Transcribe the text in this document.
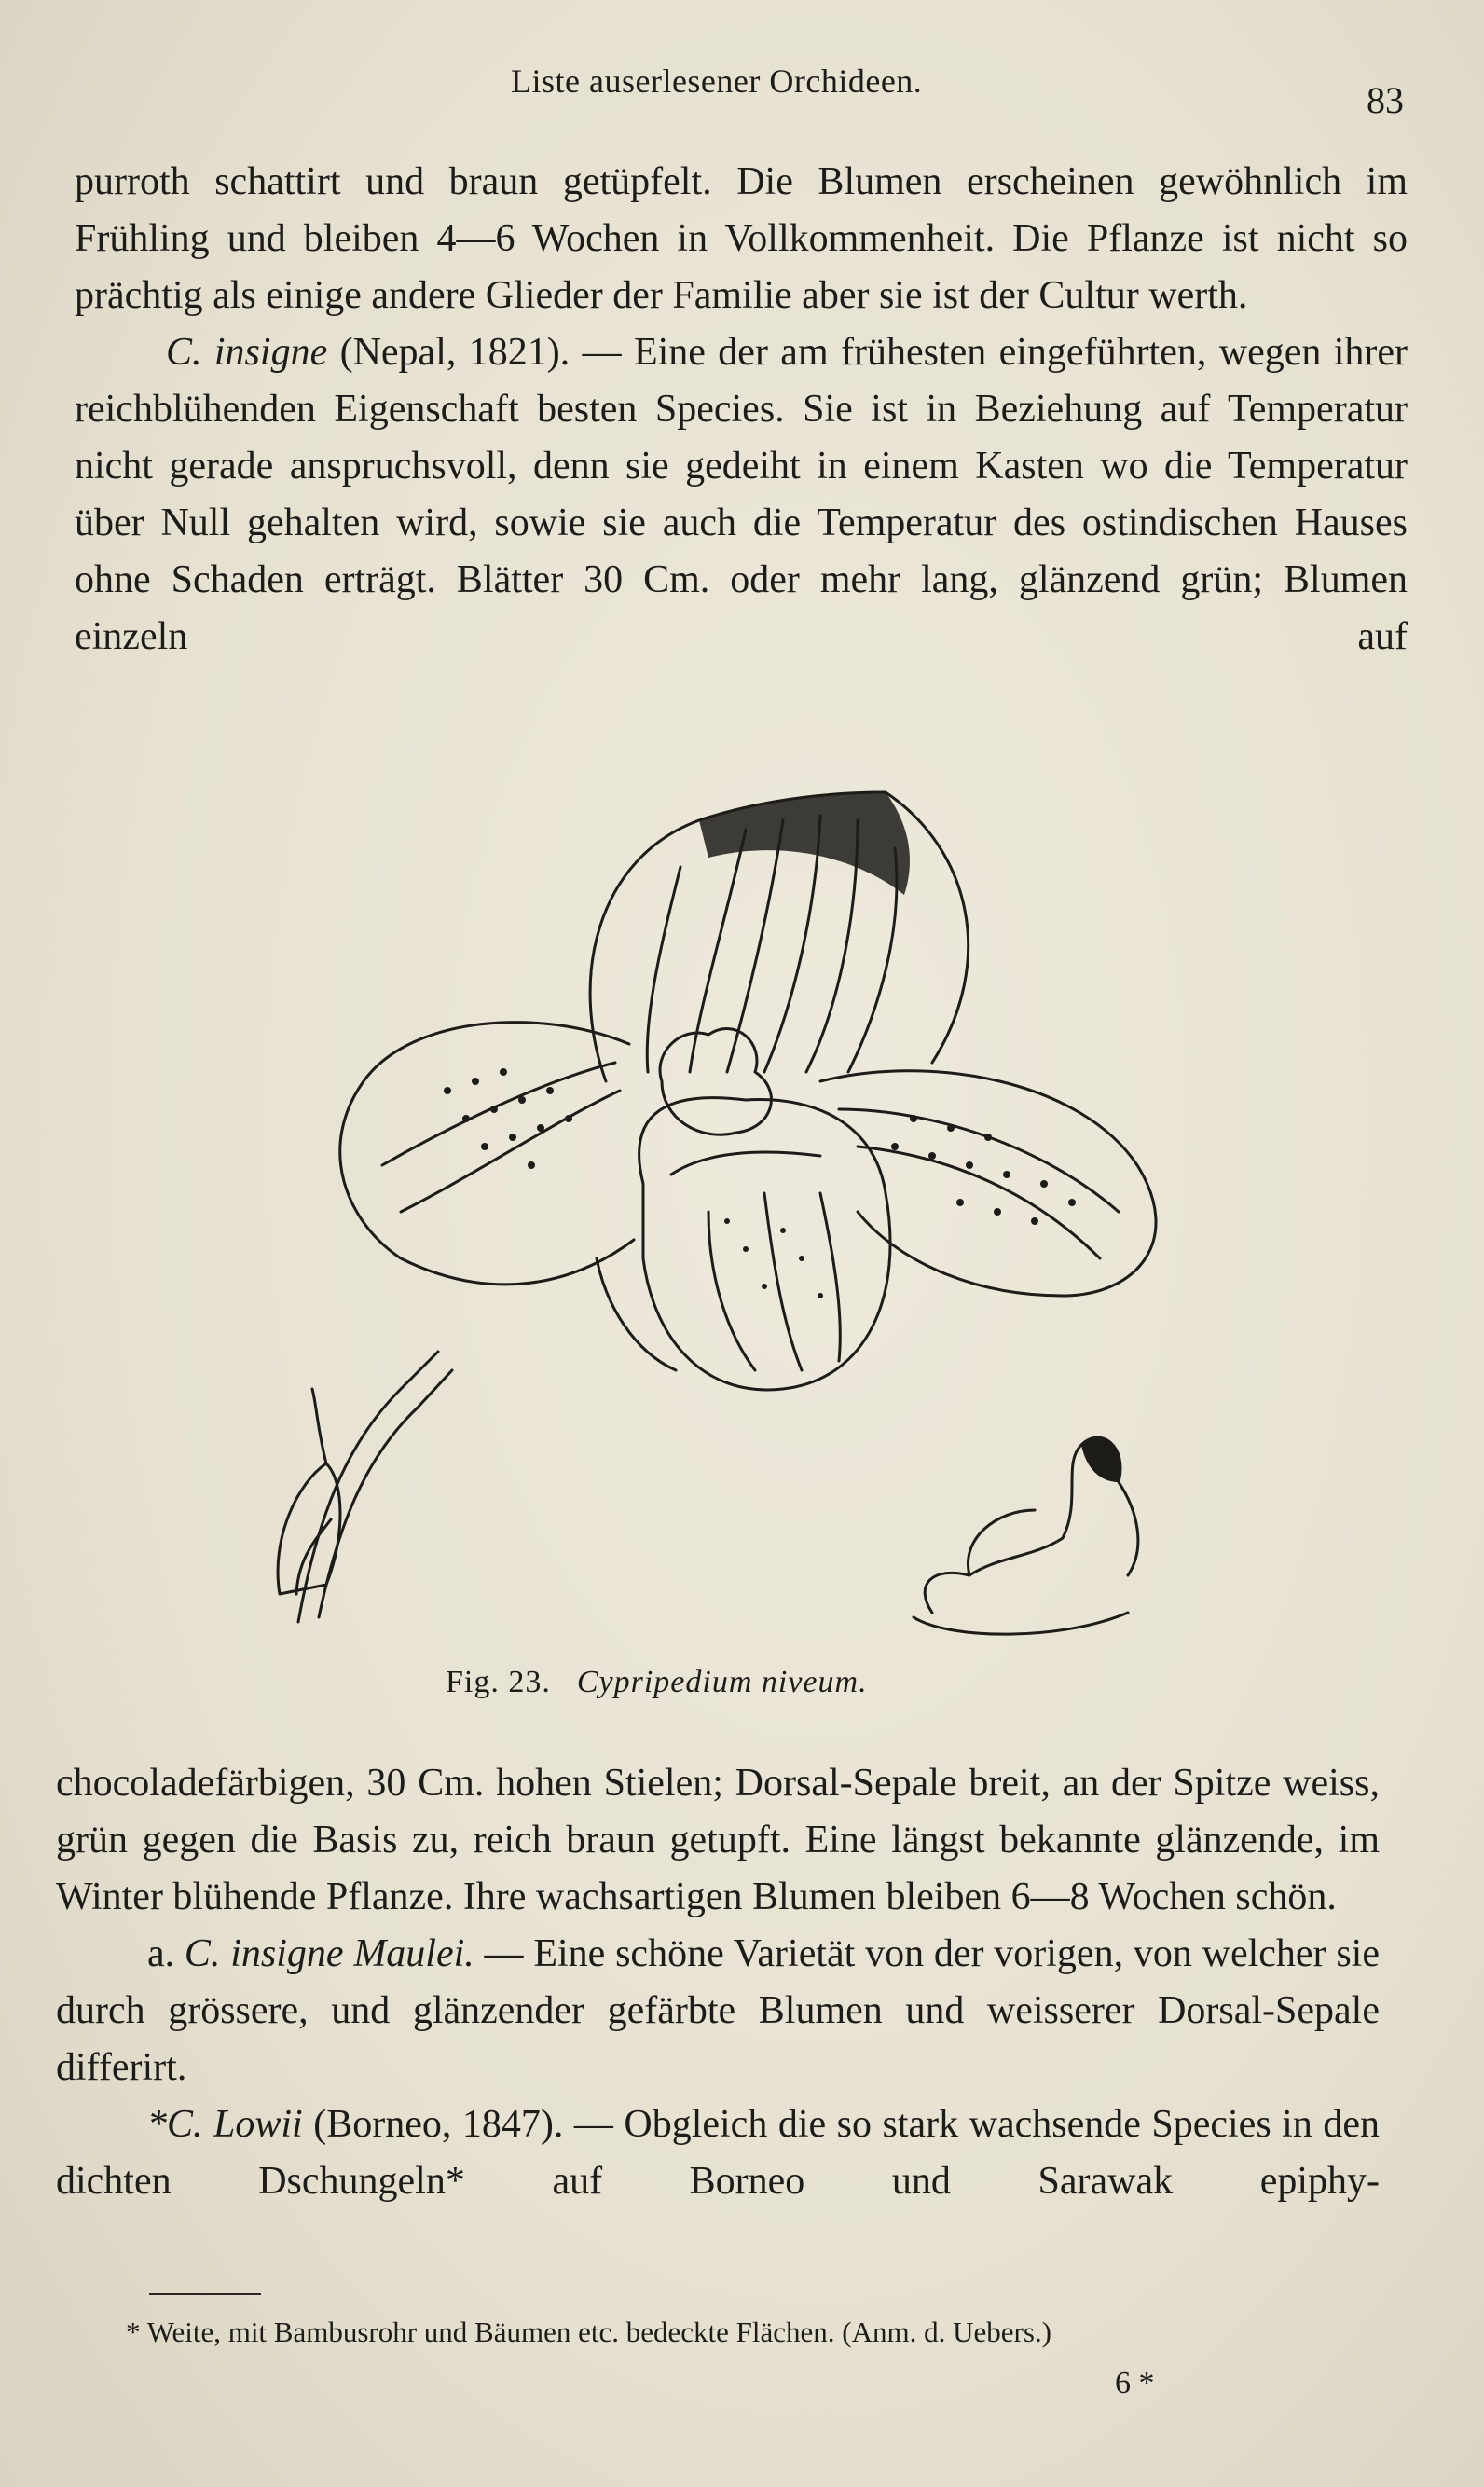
Liste auserlesener Orchideen.	83

purroth schattirt und braun getüpfelt. Die Blumen erscheinen gewöhnlich im Frühling und bleiben 4—6 Wochen in Vollkommenheit. Die Pflanze ist nicht so prächtig als einige andere Glieder der Familie aber sie ist der Cultur werth.

C. insigne (Nepal, 1821). — Eine der am frühesten eingeführten, wegen ihrer reichblühenden Eigenschaft besten Species. Sie ist in Beziehung auf Temperatur nicht gerade anspruchsvoll, denn sie gedeiht in einem Kasten wo die Temperatur über Null gehalten wird, sowie sie auch die Temperatur des ostindischen Hauses ohne Schaden erträgt. Blätter 30 Cm. oder mehr lang, glänzend grün; Blumen einzeln auf

Fig. 23. Cypripedium niveum.

chocoladefärbigen, 30 Cm. hohen Stielen; Dorsal-Sepale breit, an der Spitze weiss, grün gegen die Basis zu, reich braun getupft. Eine längst bekannte glänzende, im Winter blühende Pflanze. Ihre wachsartigen Blumen bleiben 6—8 Wochen schön.

a. C. insigne Maulei. — Eine schöne Varietät von der vorigen, von welcher sie durch grössere, und glänzender gefärbte Blumen und weisserer Dorsal-Sepale differirt.

*C. Lowii (Borneo, 1847). — Obgleich die so stark wachsende Species in den dichten Dschungeln* auf Borneo und Sarawak epiphy-

* Weite, mit Bambusrohr und Bäumen etc. bedeckte Flächen. (Anm. d. Uebers.)
6 *
